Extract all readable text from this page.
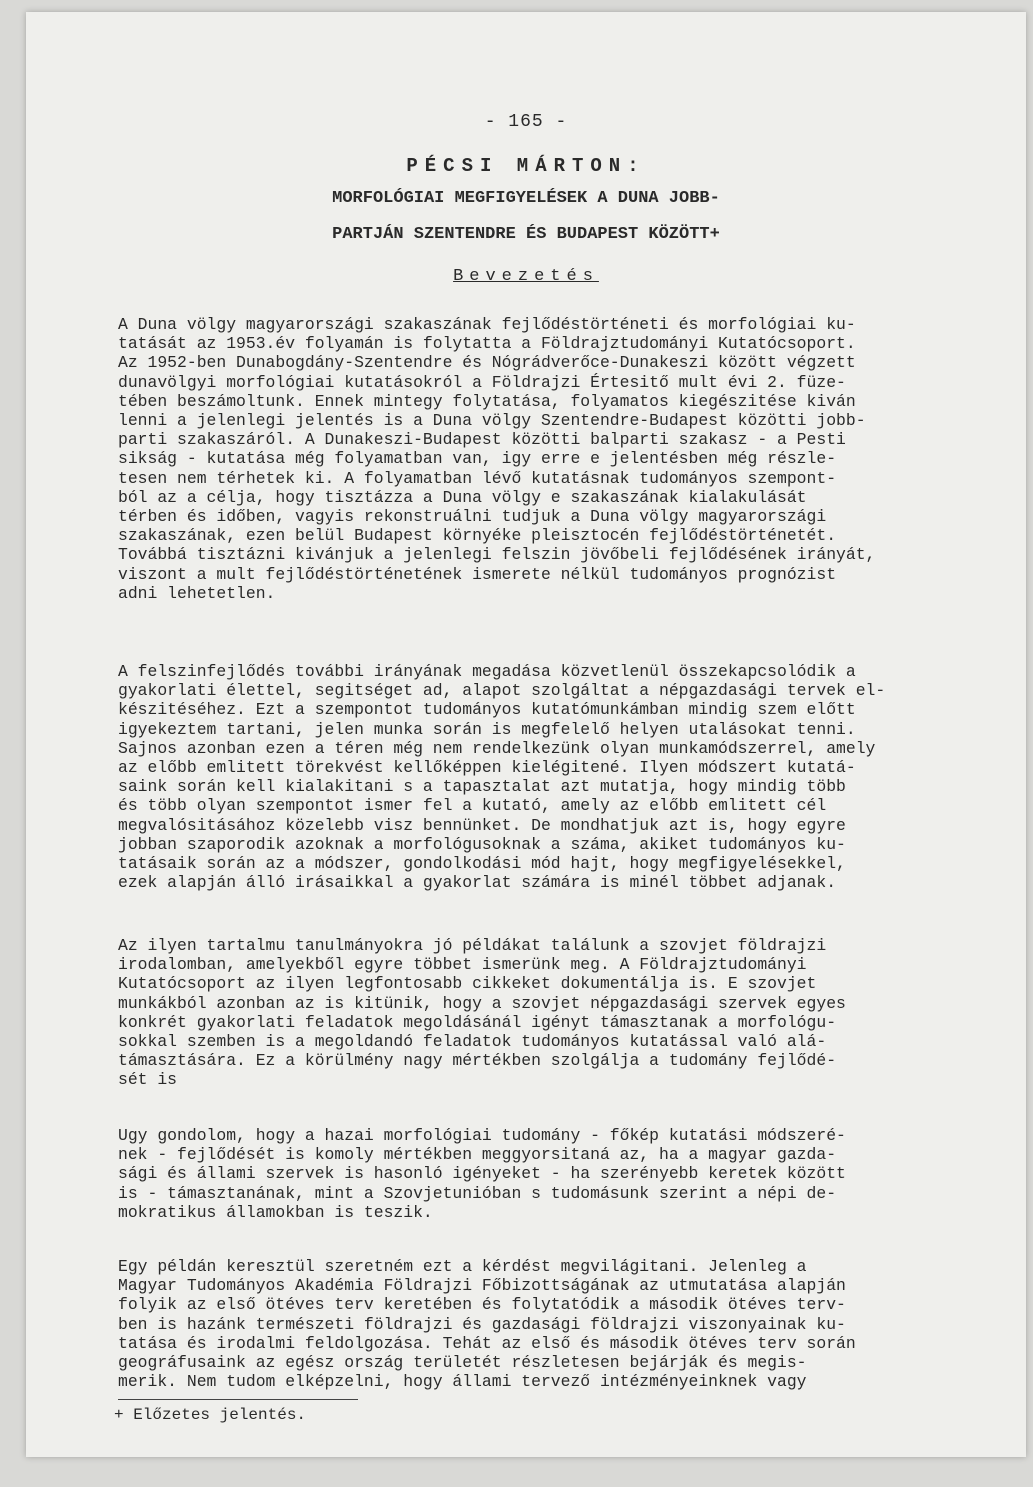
- 165 -
PÉCSI MÁRTON:
MORFOLÓGIAI MEGFIGYELÉSEK A DUNA JOBB-
PARTJÁN SZENTENDRE ÉS BUDAPEST KÖZÖTT+
Bevezetés
A Duna völgy magyarországi szakaszának fejlődéstörténeti és morfológiai ku-
tatását az 1953.év folyamán is folytatta a Földrajztudományi Kutatócsoport.
Az 1952-ben Dunabogdány-Szentendre és Nógrádverőce-Dunakeszi között végzett
dunavölgyi morfológiai kutatásokról a Földrajzi Értesitő mult évi 2. füze-
tében beszámoltunk. Ennek mintegy folytatása, folyamatos kiegészitése kiván
lenni a jelenlegi jelentés is a Duna völgy Szentendre-Budapest közötti jobb-
parti szakaszáról. A Dunakeszi-Budapest közötti balparti szakasz - a Pesti
sikság - kutatása még folyamatban van, igy erre e jelentésben még részle-
tesen nem térhetek ki. A folyamatban lévő kutatásnak tudományos szempont-
ból az a célja, hogy tisztázza a Duna völgy e szakaszának kialakulását
térben és időben, vagyis rekonstruálni tudjuk a Duna völgy magyarországi
szakaszának, ezen belül Budapest környéke pleisztocén fejlődéstörténetét.
Továbbá tisztázni kivánjuk a jelenlegi felszin jövőbeli fejlődésének irányát,
viszont a mult fejlődéstörténetének ismerete nélkül tudományos prognózist
adni lehetetlen.
A felszinfejlődés további irányának megadása közvetlenül összekapcsolódik a
gyakorlati élettel, segitséget ad, alapot szolgáltat a népgazdasági tervek el-
készitéséhez. Ezt a szempontot tudományos kutatómunkámban mindig szem előtt
igyekeztem tartani, jelen munka során is megfelelő helyen utalásokat tenni.
Sajnos azonban ezen a téren még nem rendelkezünk olyan munkamódszerrel, amely
az előbb emlitett törekvést kellőképpen kielégitené. Ilyen módszert kutatá-
saink során kell kialakitani s a tapasztalat azt mutatja, hogy mindig több
és több olyan szempontot ismer fel a kutató, amely az előbb emlitett cél
megvalósitásához közelebb visz bennünket. De mondhatjuk azt is, hogy egyre
jobban szaporodik azoknak a morfológusoknak a száma, akiket tudományos ku-
tatásaik során az a módszer, gondolkodási mód hajt, hogy megfigyelésekkel,
ezek alapján álló irásaikkal a gyakorlat számára is minél többet adjanak.
Az ilyen tartalmu tanulmányokra jó példákat találunk a szovjet földrajzi
irodalomban, amelyekből egyre többet ismerünk meg. A Földrajztudományi
Kutatócsoport az ilyen legfontosabb cikkeket dokumentálja is. E szovjet
munkákból azonban az is kitünik, hogy a szovjet népgazdasági szervek egyes
konkrét gyakorlati feladatok megoldásánál igényt támasztanak a morfológu-
sokkal szemben is a megoldandó feladatok tudományos kutatással való alá-
támasztására. Ez a körülmény nagy mértékben szolgálja a tudomány fejlődé-
sét is
Ugy gondolom, hogy a hazai morfológiai tudomány - főkép kutatási módszeré-
nek - fejlődését is komoly mértékben meggyorsitaná az, ha a magyar gazda-
sági és állami szervek is hasonló igényeket - ha szerényebb keretek között
is - támasztanának, mint a Szovjetunióban s tudomásunk szerint a népi de-
mokratikus államokban is teszik.
Egy példán keresztül szeretném ezt a kérdést megvilágitani. Jelenleg a
Magyar Tudományos Akadémia Földrajzi Főbizottságának az utmutatása alapján
folyik az első ötéves terv keretében és folytatódik a második ötéves terv-
ben is hazánk természeti földrajzi és gazdasági földrajzi viszonyainak ku-
tatása és irodalmi feldolgozása. Tehát az első és második ötéves terv során
geográfusaink az egész ország területét részletesen bejárják és megis-
merik. Nem tudom elképzelni, hogy állami tervező intézményeinknek vagy
+ Előzetes jelentés.
